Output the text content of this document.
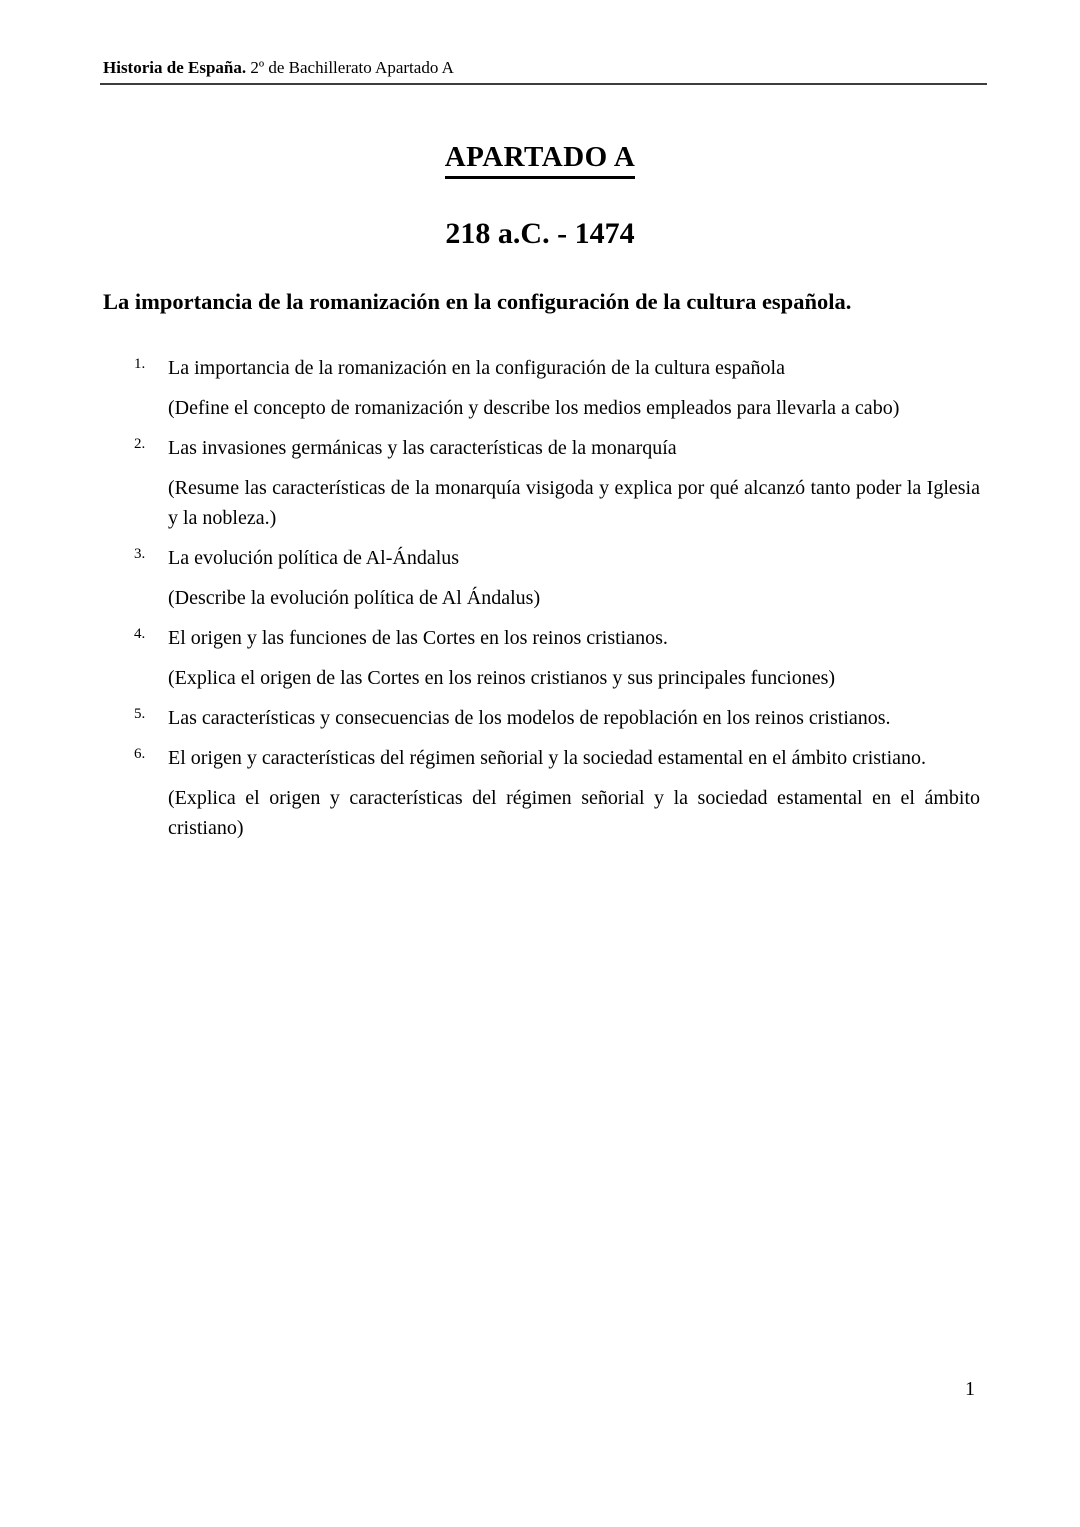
Historia de España. 2º de Bachillerato Apartado A
APARTADO A
218 a.C. - 1474
La importancia de la romanización en la configuración de la cultura española.
1. La importancia de la romanización en la configuración de la cultura española

(Define el concepto de romanización y describe los medios empleados para llevarla a cabo)

2. Las invasiones germánicas y las características de la monarquía

(Resume las características de la monarquía visigoda y explica por qué alcanzó tanto poder la Iglesia y la nobleza.)

3. La evolución política de Al-Ándalus

(Describe la evolución política de Al Ándalus)

4. El origen y las funciones de las Cortes en los reinos cristianos.

(Explica el origen de las Cortes en los reinos cristianos y sus principales funciones)

5. Las características y consecuencias de los modelos de repoblación en los reinos cristianos.

6. El origen y características del régimen señorial y la sociedad estamental en el ámbito cristiano.

(Explica el origen y características del régimen señorial y la sociedad estamental en el ámbito cristiano)

1
